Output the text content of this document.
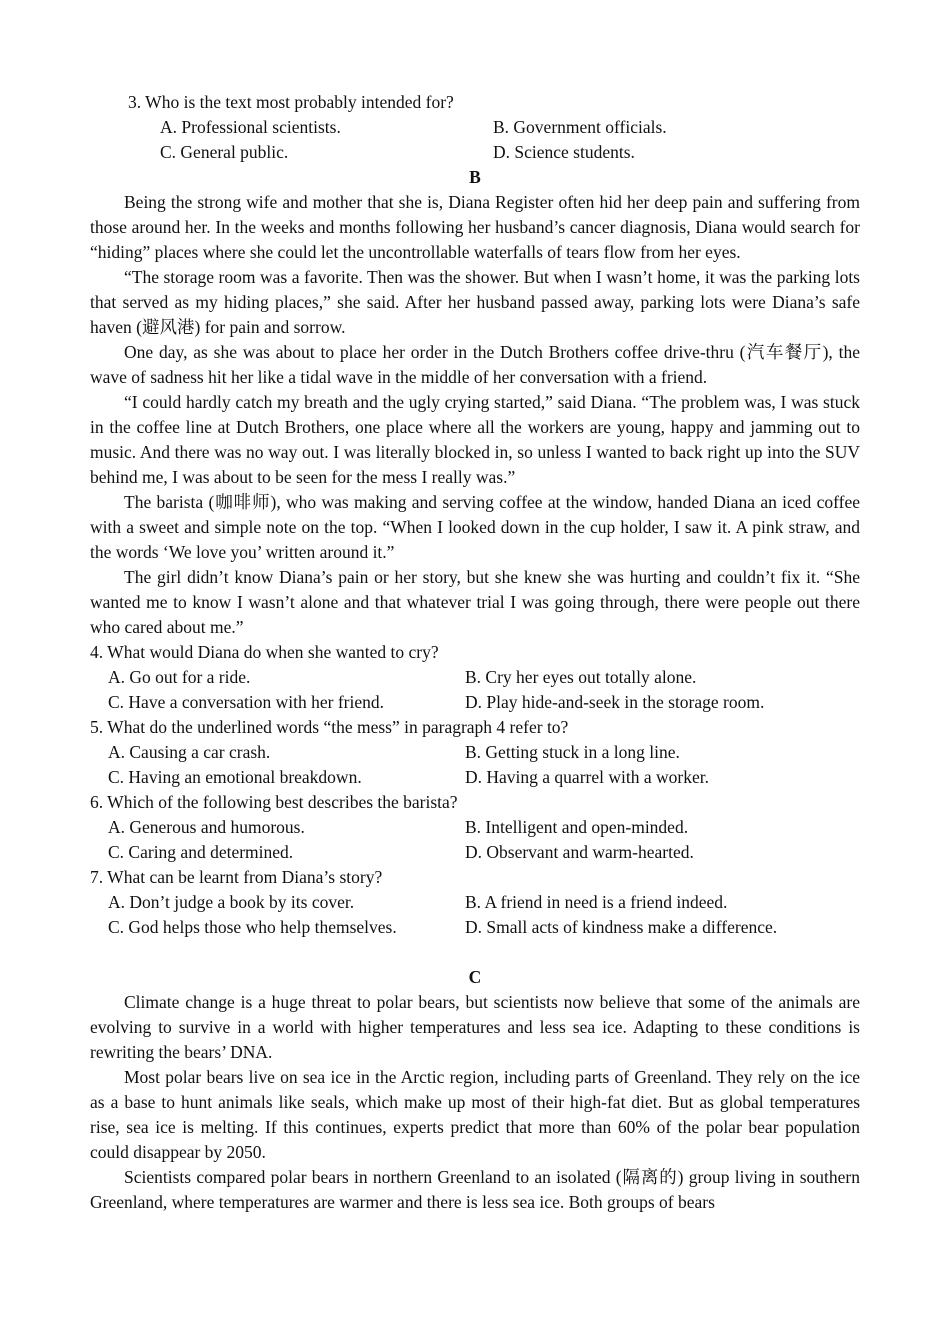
3. Who is the text most probably intended for?
A. Professional scientists.	B. Government officials.
C. General public.	D. Science students.
B

Being the strong wife and mother that she is, Diana Register often hid her deep pain and suffering from those around her. In the weeks and months following her husband’s cancer diagnosis, Diana would search for “hiding” places where she could let the uncontrollable waterfalls of tears flow from her eyes.

“The storage room was a favorite. Then was the shower. But when I wasn’t home, it was the parking lots that served as my hiding places,” she said. After her husband passed away, parking lots were Diana’s safe haven (避风港) for pain and sorrow.

One day, as she was about to place her order in the Dutch Brothers coffee drive-thru (汽车餐厅), the wave of sadness hit her like a tidal wave in the middle of her conversation with a friend.

“I could hardly catch my breath and the ugly crying started,” said Diana. “The problem was, I was stuck in the coffee line at Dutch Brothers, one place where all the workers are young, happy and jamming out to music. And there was no way out. I was literally blocked in, so unless I wanted to back right up into the SUV behind me, I was about to be seen for the mess I really was.”

The barista (咖啡师), who was making and serving coffee at the window, handed Diana an iced coffee with a sweet and simple note on the top. “When I looked down in the cup holder, I saw it. A pink straw, and the words ‘We love you’ written around it.”

The girl didn’t know Diana’s pain or her story, but she knew she was hurting and couldn’t fix it. “She wanted me to know I wasn’t alone and that whatever trial I was going through, there were people out there who cared about me.”

4. What would Diana do when she wanted to cry?
A. Go out for a ride.	B. Cry her eyes out totally alone.
C. Have a conversation with her friend.	D. Play hide-and-seek in the storage room.
5. What do the underlined words “the mess” in paragraph 4 refer to?
A. Causing a car crash.	B. Getting stuck in a long line.
C. Having an emotional breakdown.	D. Having a quarrel with a worker.
6. Which of the following best describes the barista?
A. Generous and humorous.	B. Intelligent and open-minded.
C. Caring and determined.	D. Observant and warm-hearted.
7. What can be learnt from Diana’s story?
A. Don’t judge a book by its cover.	B. A friend in need is a friend indeed.
C. God helps those who help themselves.	D. Small acts of kindness make a difference.
C

Climate change is a huge threat to polar bears, but scientists now believe that some of the animals are evolving to survive in a world with higher temperatures and less sea ice. Adapting to these conditions is rewriting the bears’ DNA.

Most polar bears live on sea ice in the Arctic region, including parts of Greenland. They rely on the ice as a base to hunt animals like seals, which make up most of their high-fat diet. But as global temperatures rise, sea ice is melting. If this continues, experts predict that more than 60% of the polar bear population could disappear by 2050.

Scientists compared polar bears in northern Greenland to an isolated (隔离的) group living in southern Greenland, where temperatures are warmer and there is less sea ice. Both groups of bears
